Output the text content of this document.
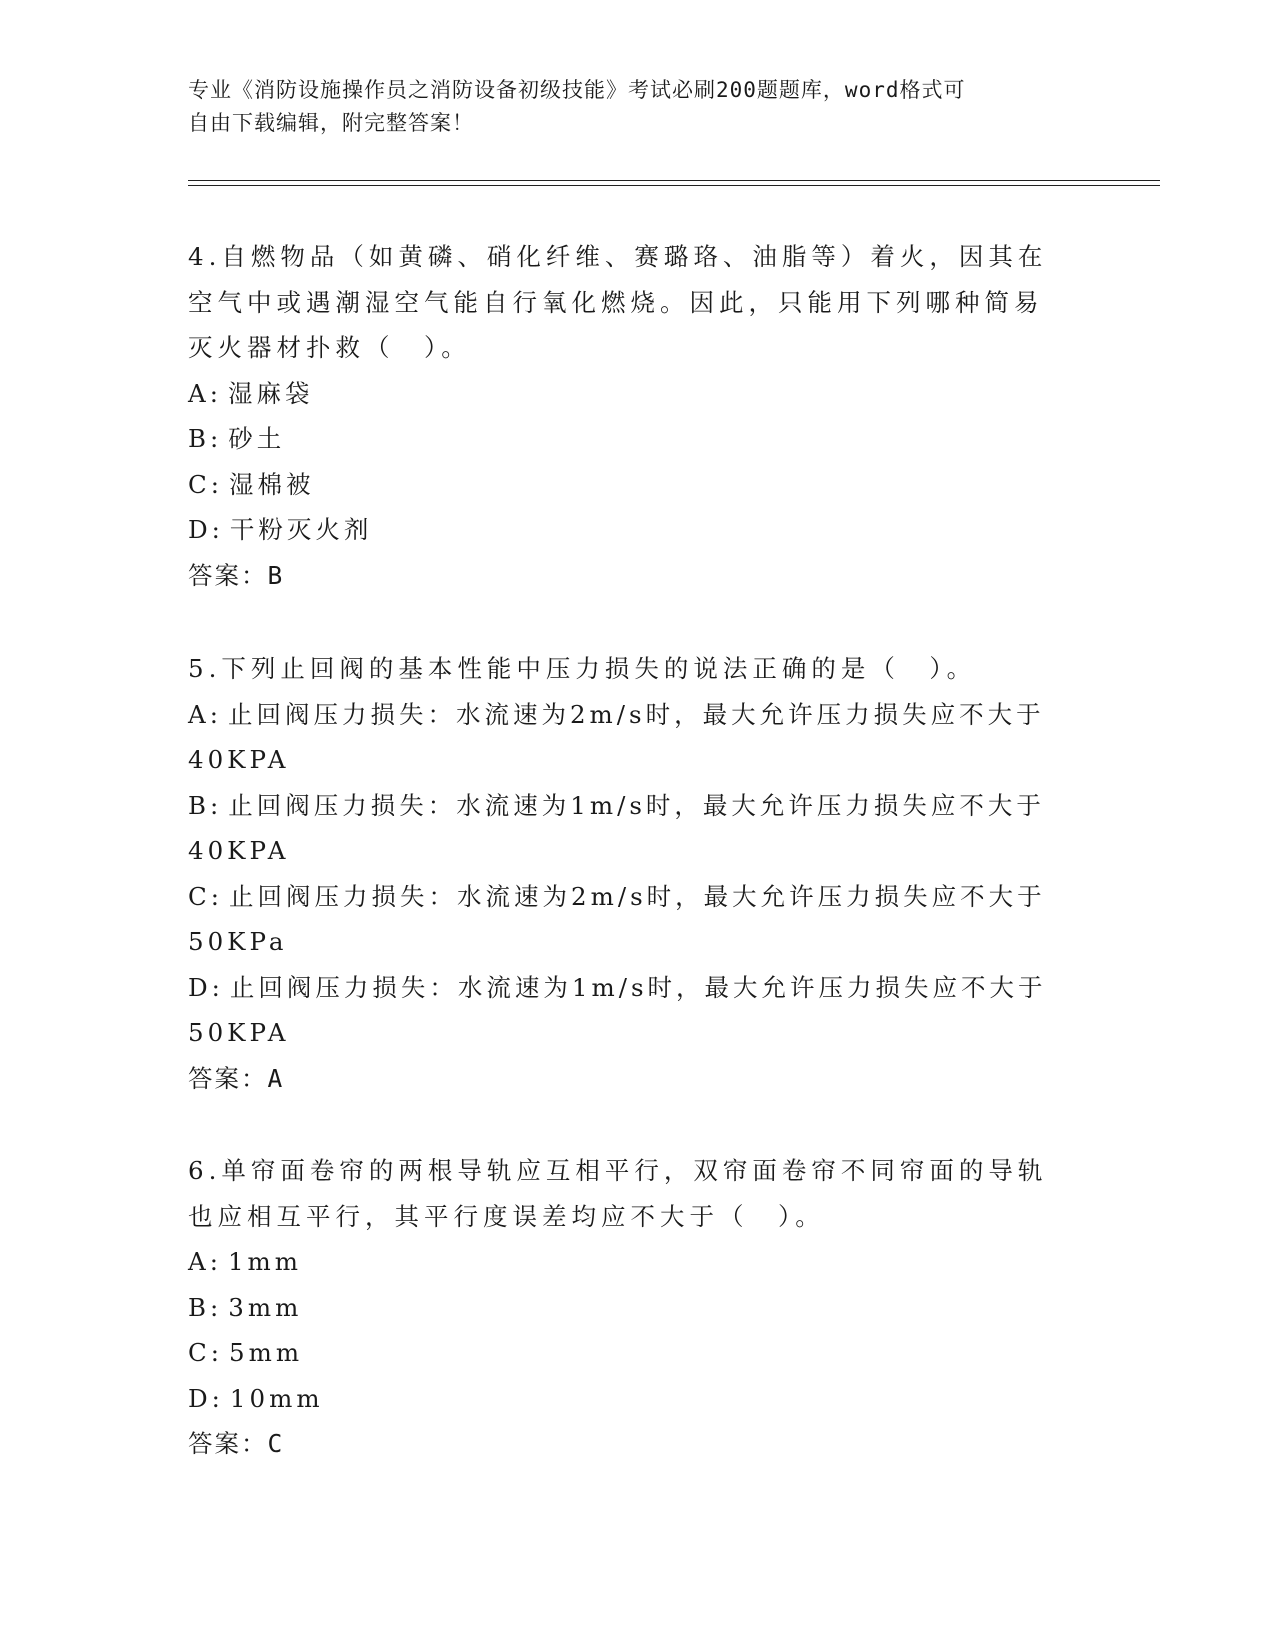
专业《消防设施操作员之消防设备初级技能》考试必刷200题题库，word格式可
自由下载编辑，附完整答案！

4.自燃物品（如黄磷、硝化纤维、赛璐珞、油脂等）着火，因其在空气中或遇潮湿空气能自行氧化燃烧。因此，只能用下列哪种简易灭火器材扑救（　）。

A: 湿麻袋

B: 砂土

C: 湿棉被

D: 干粉灭火剂

答案：B

5.下列止回阀的基本性能中压力损失的说法正确的是（　）。

A: 止回阀压力损失：水流速为2m/s时，最大允许压力损失应不大于40KPA

B: 止回阀压力损失：水流速为1m/s时，最大允许压力损失应不大于40KPA

C: 止回阀压力损失：水流速为2m/s时，最大允许压力损失应不大于50KPa

D: 止回阀压力损失：水流速为1m/s时，最大允许压力损失应不大于50KPA

答案：A

6.单帘面卷帘的两根导轨应互相平行，双帘面卷帘不同帘面的导轨也应相互平行，其平行度误差均应不大于（　）。

A: 1mm

B: 3mm

C: 5mm

D: 10mm

答案：C
